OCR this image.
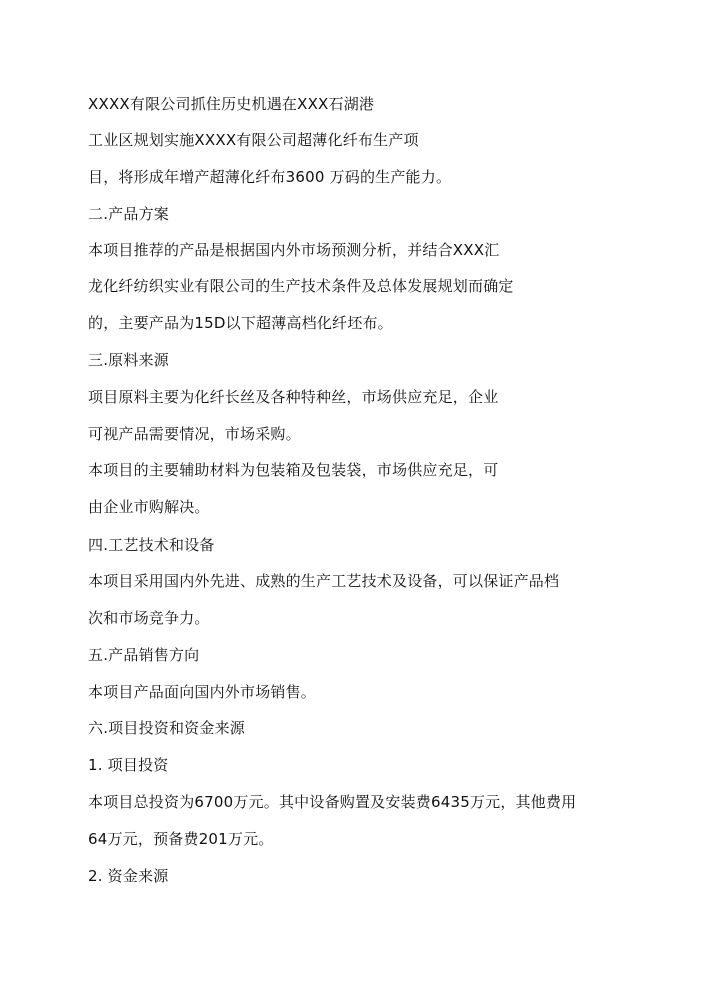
XXXX有限公司抓住历史机遇在XXX石湖港
工业区规划实施XXXX有限公司超薄化纤布生产项
目，将形成年增产超薄化纤布3600 万码的生产能力。
二.产品方案
本项目推荐的产品是根据国内外市场预测分析，并结合XXX汇
龙化纤纺织实业有限公司的生产技术条件及总体发展规划而确定
的，主要产品为15D以下超薄高档化纤坯布。
三.原料来源
项目原料主要为化纤长丝及各种特种丝，市场供应充足，企业
可视产品需要情况，市场采购。
本项目的主要辅助材料为包装箱及包装袋，市场供应充足，可
由企业市购解决。
四.工艺技术和设备
本项目采用国内外先进、成熟的生产工艺技术及设备，可以保证产品档
次和市场竞争力。
五.产品销售方向
本项目产品面向国内外市场销售。
六.项目投资和资金来源
1. 项目投资
本项目总投资为6700万元。其中设备购置及安装费6435万元，其他费用
64万元，预备费201万元。
2. 资金来源
